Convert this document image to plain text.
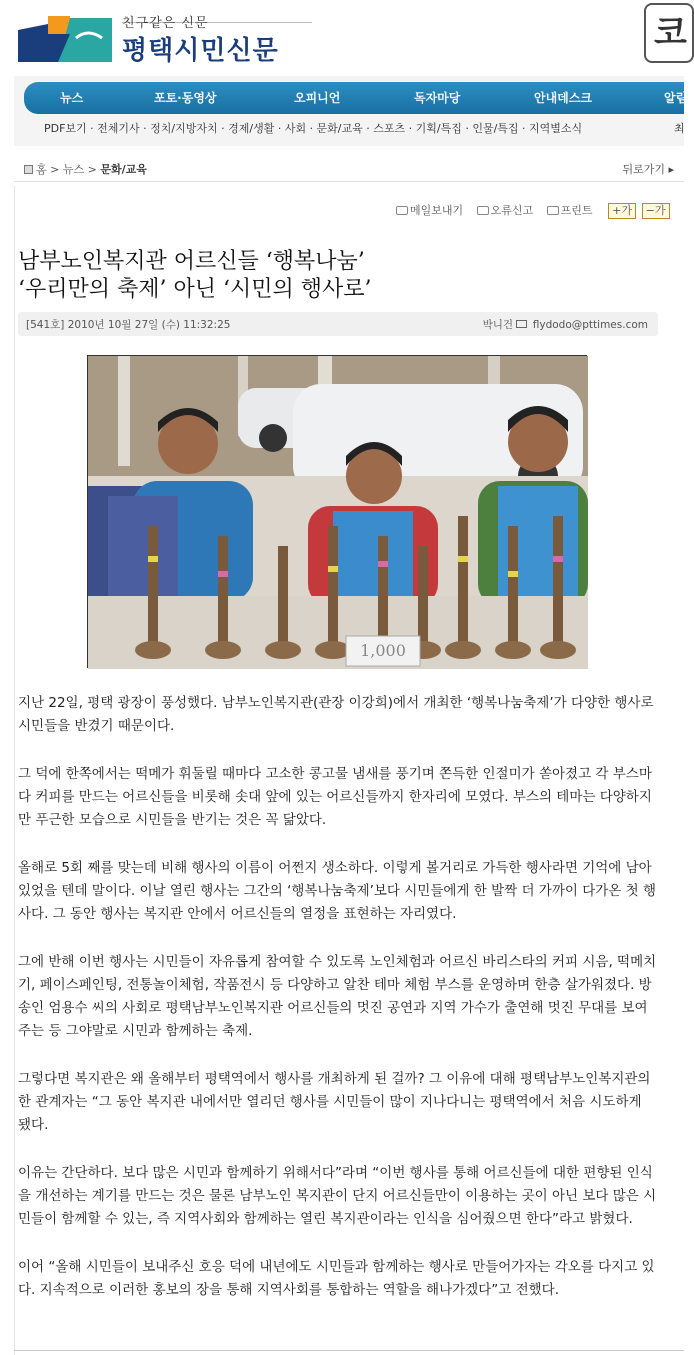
친구같은 신문
평택시민신문	코
뉴스	포토·동영상	오피니언	독자마당	안내데스크	알림
PDF보기 · 전체기사 · 정치/지방자치 · 경제/생활 · 사회 · 문화/교육 · 스포츠 · 기획/특집 · 인물/특집 · 지역별소식	최
홈 > 뉴스 > 문화/교육	뒤로가기 ▸
메일보내기	오류신고	프린트 +가 −가
남부노인복지관 어르신들 ‘행복나눔’
‘우리만의 축제’ 아닌 ‘시민의 행사로’
[541호] 2010년 10월 27일 (수) 11:32:25	박니건 flydodo@pttimes.com
1,000

지난 22일, 평택 광장이 풍성했다. 남부노인복지관(관장 이강희)에서 개최한 ‘행복나눔축제’가 다양한 행사로 시민들을 반겼기 때문이다.

그 덕에 한쪽에서는 떡메가 휘둘릴 때마다 고소한 콩고물 냄새를 풍기며 쫀득한 인절미가 쏟아졌고 각 부스마다 커피를 만드는 어르신들을 비롯해 솟대 앞에 있는 어르신들까지 한자리에 모였다. 부스의 테마는 다양하지만 푸근한 모습으로 시민들을 반기는 것은 꼭 닮았다.

올해로 5회 째를 맞는데 비해 행사의 이름이 어쩐지 생소하다. 이렇게 볼거리로 가득한 행사라면 기억에 남아 있었을 텐데 말이다. 이날 열린 행사는 그간의 ‘행복나눔축제’보다 시민들에게 한 발짝 더 가까이 다가온 첫 행사다. 그 동안 행사는 복지관 안에서 어르신들의 열정을 표현하는 자리였다.

그에 반해 이번 행사는 시민들이 자유롭게 참여할 수 있도록 노인체험과 어르신 바리스타의 커피 시음, 떡메치기, 페이스페인팅, 전통놀이체험, 작품전시 등 다양하고 알찬 테마 체험 부스를 운영하며 한층 살가워졌다. 방송인 엄용수 씨의 사회로 평택남부노인복지관 어르신들의 멋진 공연과 지역 가수가 출연해 멋진 무대를 보여주는 등 그야말로 시민과 함께하는 축제.

그렇다면 복지관은 왜 올해부터 평택역에서 행사를 개최하게 된 걸까? 그 이유에 대해 평택남부노인복지관의 한 관계자는 “그 동안 복지관 내에서만 열리던 행사를 시민들이 많이 지나다니는 평택역에서 처음 시도하게 됐다.

이유는 간단하다. 보다 많은 시민과 함께하기 위해서다”라며 “이번 행사를 통해 어르신들에 대한 편향된 인식을 개선하는 계기를 만드는 것은 물론 남부노인 복지관이 단지 어르신들만이 이용하는 곳이 아닌 보다 많은 시민들이 함께할 수 있는, 즉 지역사회와 함께하는 열린 복지관이라는 인식을 심어줬으면 한다”라고 밝혔다.

이어 “올해 시민들이 보내주신 호응 덕에 내년에도 시민들과 함께하는 행사로 만들어가자는 각오를 다지고 있다. 지속적으로 이러한 홍보의 장을 통해 지역사회를 통합하는 역할을 해나가겠다”고 전했다.
